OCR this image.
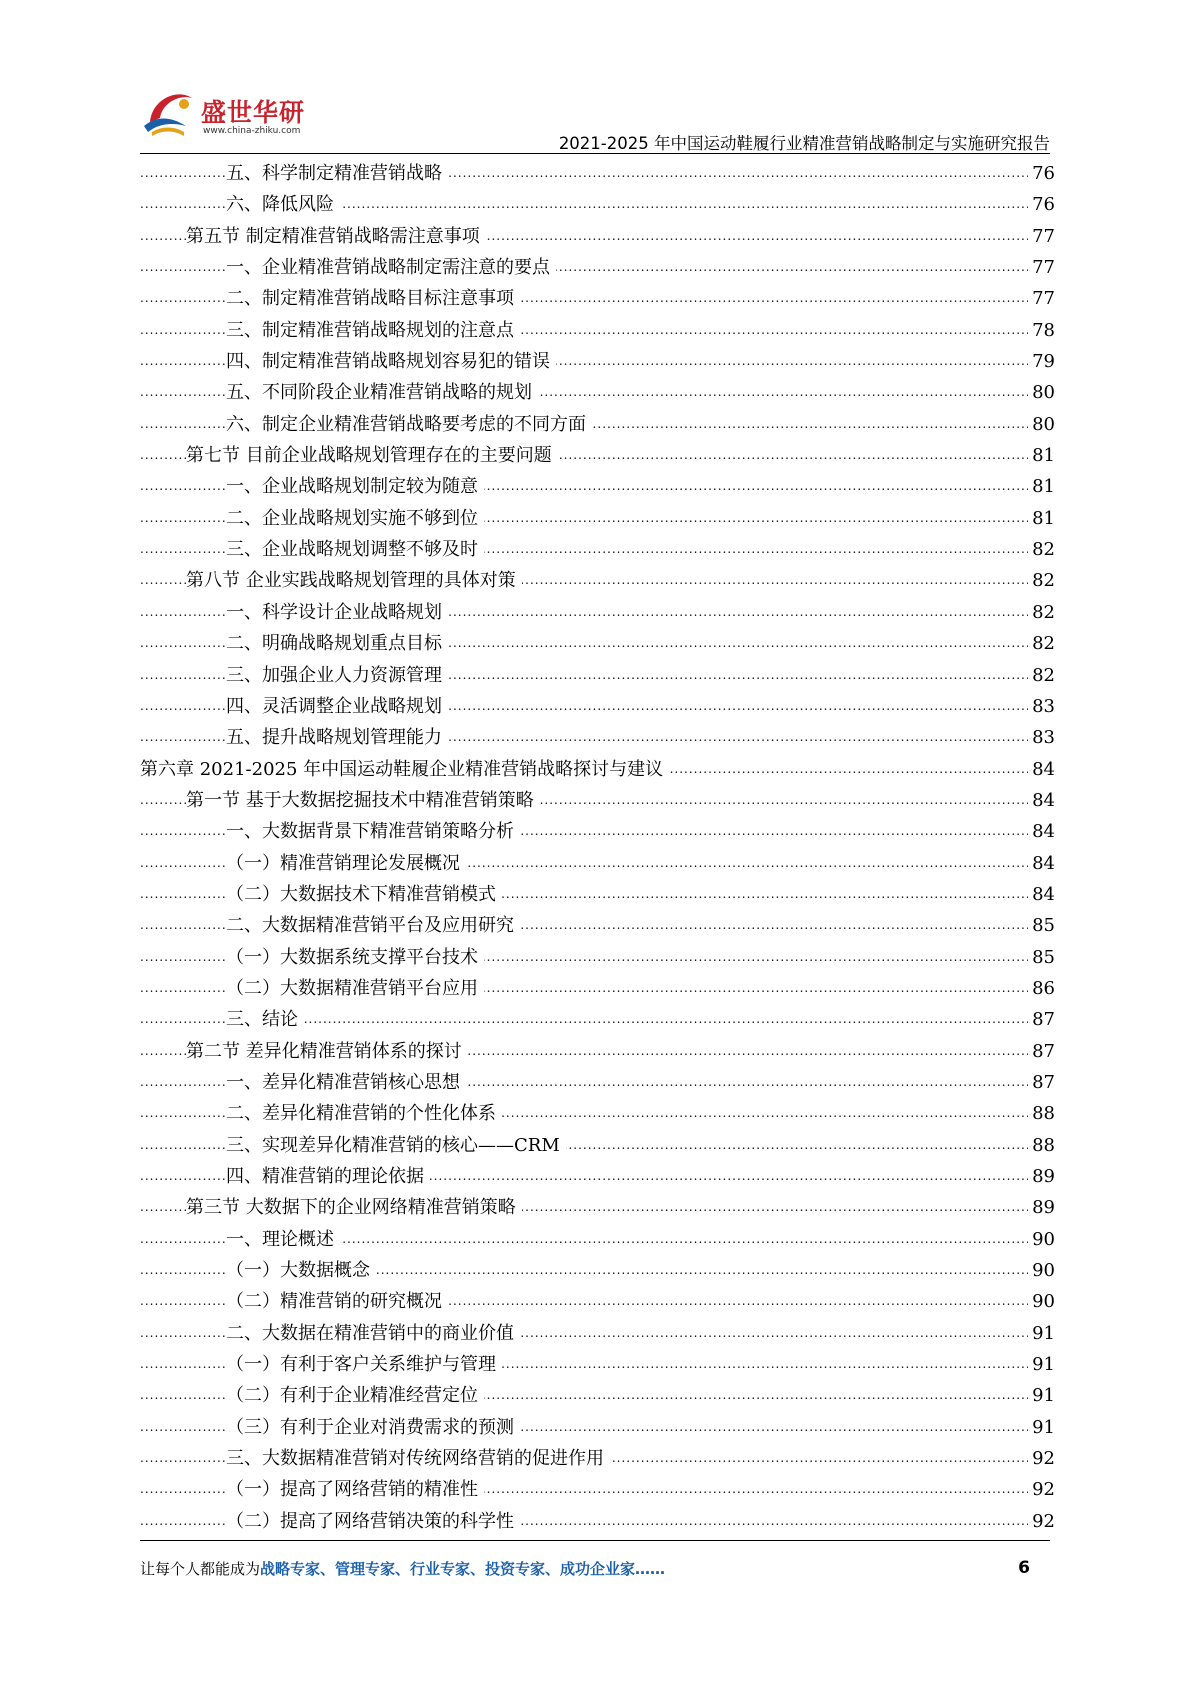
盛世华研
www.china-zhiku.com
2021-2025 年中国运动鞋履行业精准营销战略制定与实施研究报告
五、科学制定精准营销战略	76
.....
六、降低风险	76
.....
第五节 制定精准营销战略需注意事项	77
.....
一、企业精准营销战略制定需注意的要点	77
.....
二、制定精准营销战略目标注意事项	77
.....
三、制定精准营销战略规划的注意点	78
.....
四、制定精准营销战略规划容易犯的错误	79
.....
五、不同阶段企业精准营销战略的规划	80
.....
六、制定企业精准营销战略要考虑的不同方面	80
.....
第七节 目前企业战略规划管理存在的主要问题	81
.....
一、企业战略规划制定较为随意	81
.....
二、企业战略规划实施不够到位	81
.....
三、企业战略规划调整不够及时	82
.....
第八节 企业实践战略规划管理的具体对策	82
.....
一、科学设计企业战略规划	82
.....
二、明确战略规划重点目标	82
.....
三、加强企业人力资源管理	82
.....
四、灵活调整企业战略规划	83
.....
五、提升战略规划管理能力	83
.....
第六章 2021-2025 年中国运动鞋履企业精准营销战略探讨与建议	84
.....
第一节 基于大数据挖掘技术中精准营销策略	84
.....
一、大数据背景下精准营销策略分析	84
.....
（一）精准营销理论发展概况	84
.....
（二）大数据技术下精准营销模式	84
.....
二、大数据精准营销平台及应用研究	85
.....
（一）大数据系统支撑平台技术	85
.....
（二）大数据精准营销平台应用	86
.....
三、结论	87
.....
第二节 差异化精准营销体系的探讨	87
.....
一、差异化精准营销核心思想	87
.....
二、差异化精准营销的个性化体系	88
.....
三、实现差异化精准营销的核心——CRM	88
.....
四、精准营销的理论依据	89
.....
第三节 大数据下的企业网络精准营销策略	89
.....
一、理论概述	90
.....
（一）大数据概念	90
.....
（二）精准营销的研究概况	90
.....
二、大数据在精准营销中的商业价值	91
.....
（一）有利于客户关系维护与管理	91
.....
（二）有利于企业精准经营定位	91
.....
（三）有利于企业对消费需求的预测	91
.....
三、大数据精准营销对传统网络营销的促进作用	92
.....
（一）提高了网络营销的精准性	92
.....
（二）提高了网络营销决策的科学性	92
.....
让每个人都能成为战略专家、管理专家、行业专家、投资专家、成功企业家……	6
